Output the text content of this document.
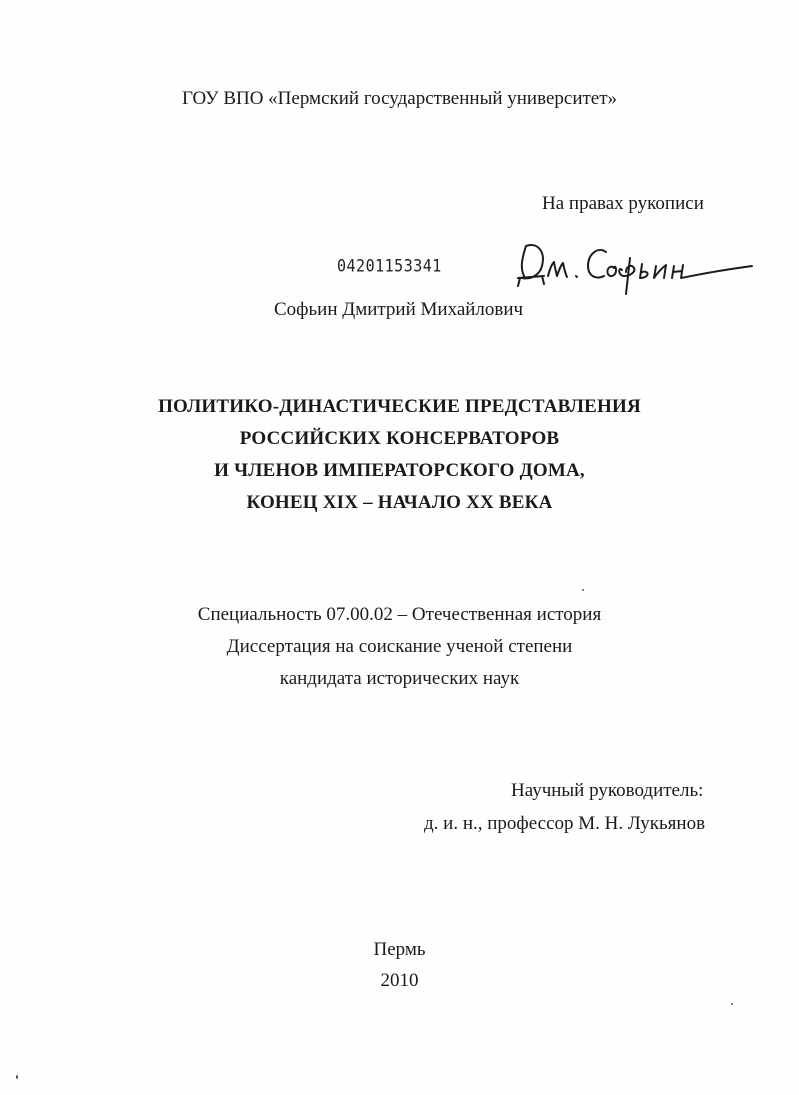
ГОУ ВПО «Пермский государственный университет»
На правах рукописи
04201153341
Софьин Дмитрий Михайлович
ПОЛИТИКО-ДИНАСТИЧЕСКИЕ ПРЕДСТАВЛЕНИЯ
РОССИЙСКИХ КОНСЕРВАТОРОВ
И ЧЛЕНОВ ИМПЕРАТОРСКОГО ДОМА,
КОНЕЦ XIX – НАЧАЛО XX ВЕКА
Специальность 07.00.02 – Отечественная история
Диссертация на соискание ученой степени
кандидата исторических наук
Научный руководитель:
д. и. н., профессор М. Н. Лукьянов
Пермь
2010
